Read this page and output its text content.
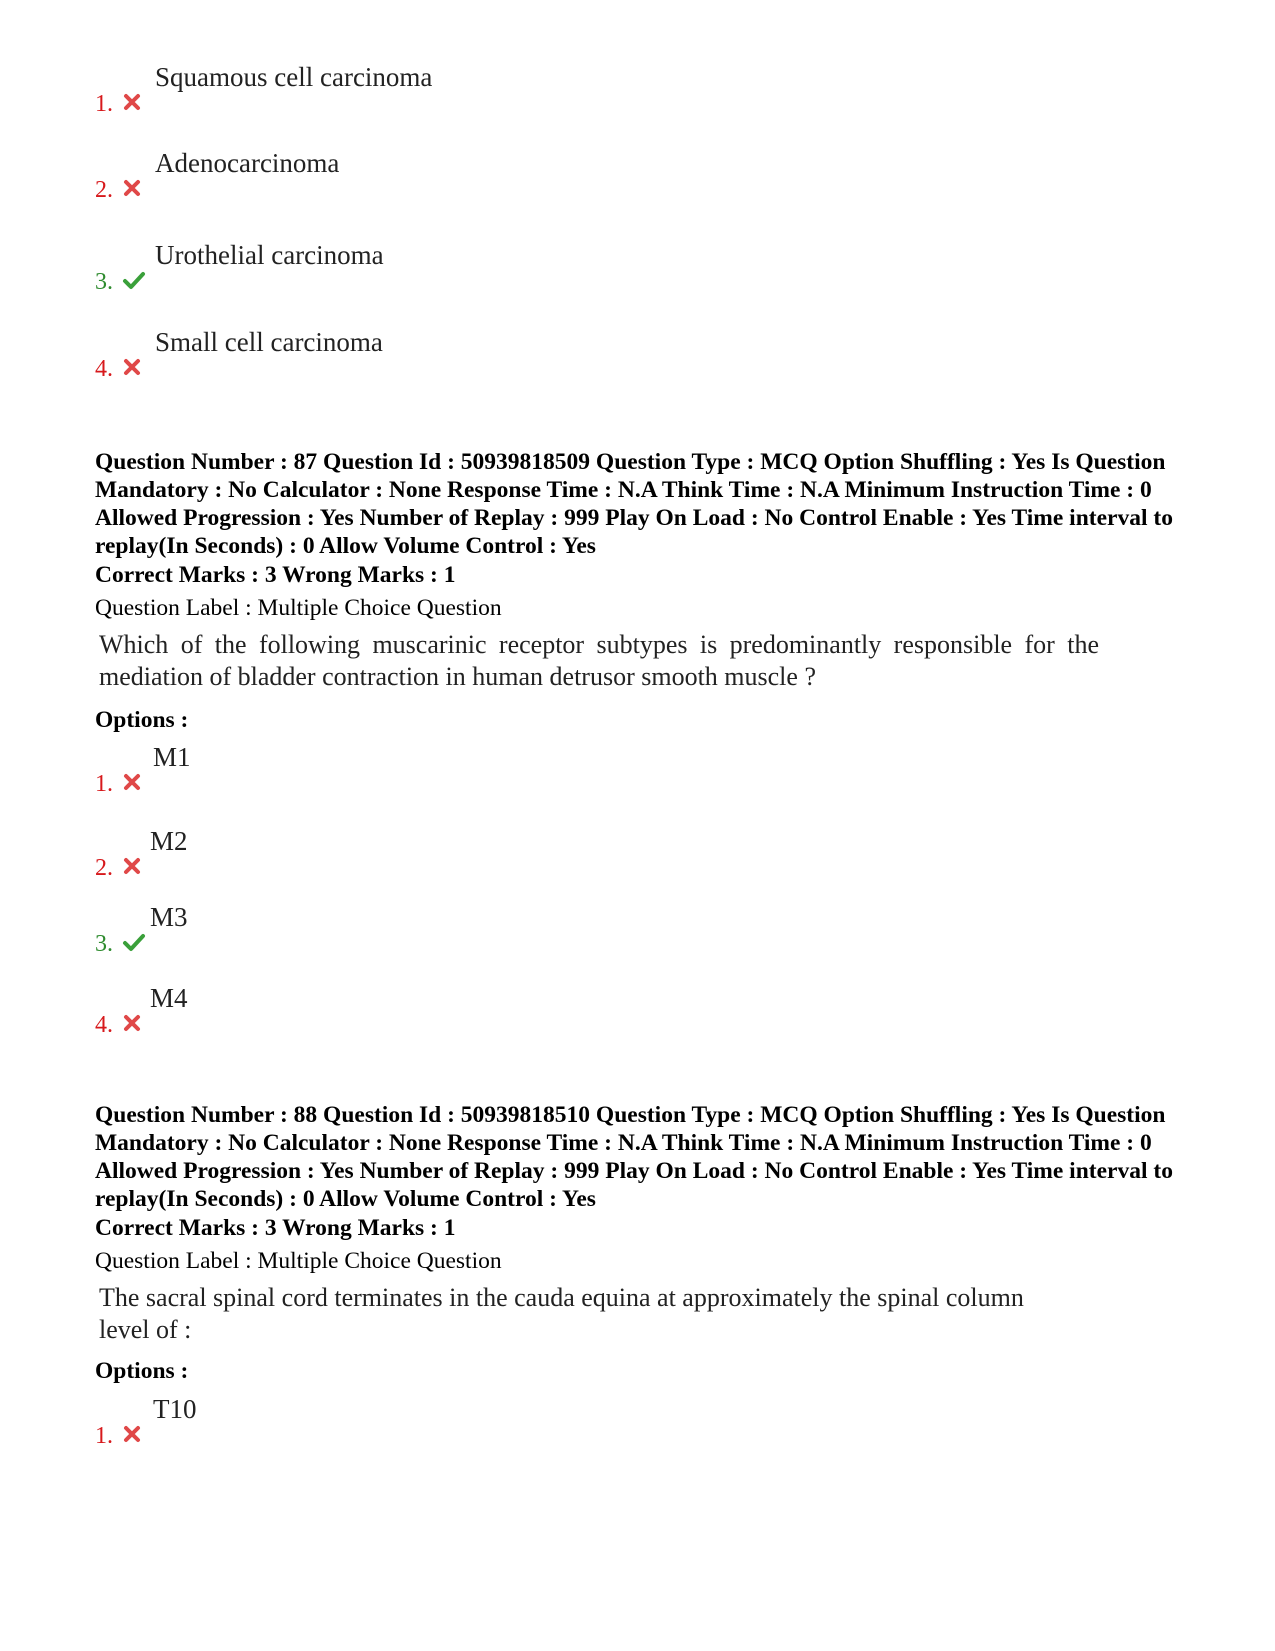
1.
Squamous cell carcinoma
2.
Adenocarcinoma
3.
Urothelial carcinoma
4.
Small cell carcinoma
Question Number : 87 Question Id : 50939818509 Question Type : MCQ Option Shuffling : Yes Is Question Mandatory : No Calculator : None Response Time : N.A Think Time : N.A Minimum Instruction Time : 0 Allowed Progression : Yes Number of Replay : 999 Play On Load : No Control Enable : Yes Time interval to replay(In Seconds) : 0 Allow Volume Control : Yes
Correct Marks : 3 Wrong Marks : 1
Question Label : Multiple Choice Question
Which of the following muscarinic receptor subtypes is predominantly responsible for the mediation of bladder contraction in human detrusor smooth muscle ?
Options :
1.
M1
2.
M2
3.
M3
4.
M4
Question Number : 88 Question Id : 50939818510 Question Type : MCQ Option Shuffling : Yes Is Question Mandatory : No Calculator : None Response Time : N.A Think Time : N.A Minimum Instruction Time : 0 Allowed Progression : Yes Number of Replay : 999 Play On Load : No Control Enable : Yes Time interval to replay(In Seconds) : 0 Allow Volume Control : Yes
Correct Marks : 3 Wrong Marks : 1
Question Label : Multiple Choice Question
The sacral spinal cord terminates in the cauda equina at approximately the spinal column level of :
Options :
1.
T10
